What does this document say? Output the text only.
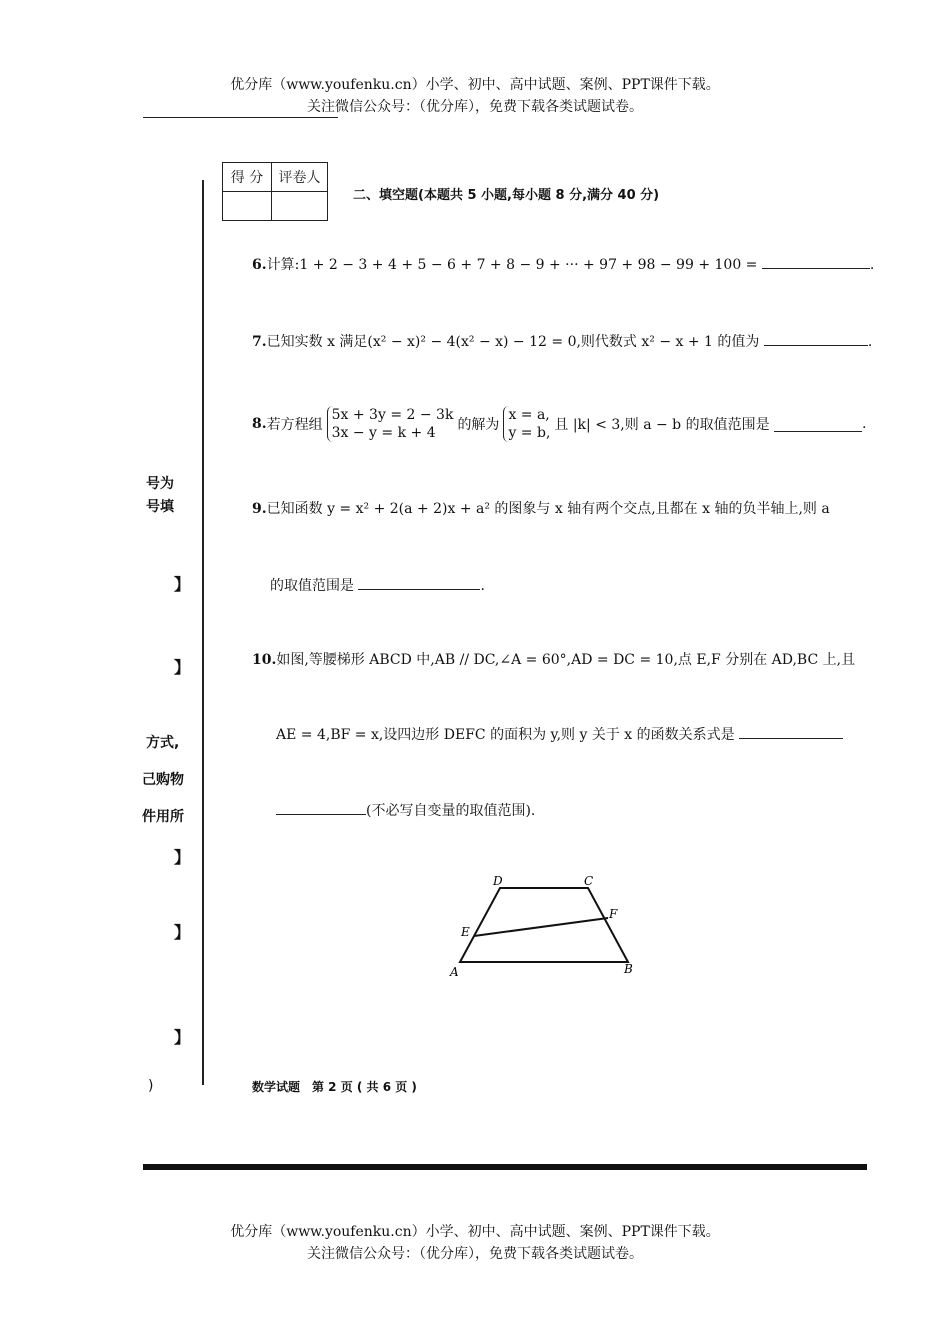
优分库（www.youfenku.cn）小学、初中、高中试题、案例、PPT课件下载。
关注微信公众号：（优分库），免费下载各类试题试卷。
号为
号填
】
】
方式,
己购物
件用所
】
】
】
)
得 分	评卷人

二、填空题(本题共 5 小题,每小题 8 分,满分 40 分)
6.计算:1 + 2 − 3 + 4 + 5 − 6 + 7 + 8 − 9 + ··· + 97 + 98 − 99 + 100 =	.
7.已知实数 x 满足(x² − x)² − 4(x² − x) − 12 = 0,则代数式 x² − x + 1 的值为	.
8.若方程组
5x + 3y = 2 − 3k
3x − y = k + 4	的解为
x = a,
y = b, 且 |k| < 3,则 a − b 的取值范围是	.
9.已知函数 y = x² + 2(a + 2)x + a² 的图象与 x 轴有两个交点,且都在 x 轴的负半轴上,则 a
的取值范围是	.
10.如图,等腰梯形 ABCD 中,AB // DC,∠A = 60°,AD = DC = 10,点 E,F 分别在 AD,BC 上,且
AE = 4,BF = x,设四边形 DEFC 的面积为 y,则 y 关于 x 的函数关系式是
(不必写自变量的取值范围).
D	C
E
F
A	B
数学试题　第 2 页 ( 共 6 页 )
优分库（www.youfenku.cn）小学、初中、高中试题、案例、PPT课件下载。
关注微信公众号：（优分库），免费下载各类试题试卷。
